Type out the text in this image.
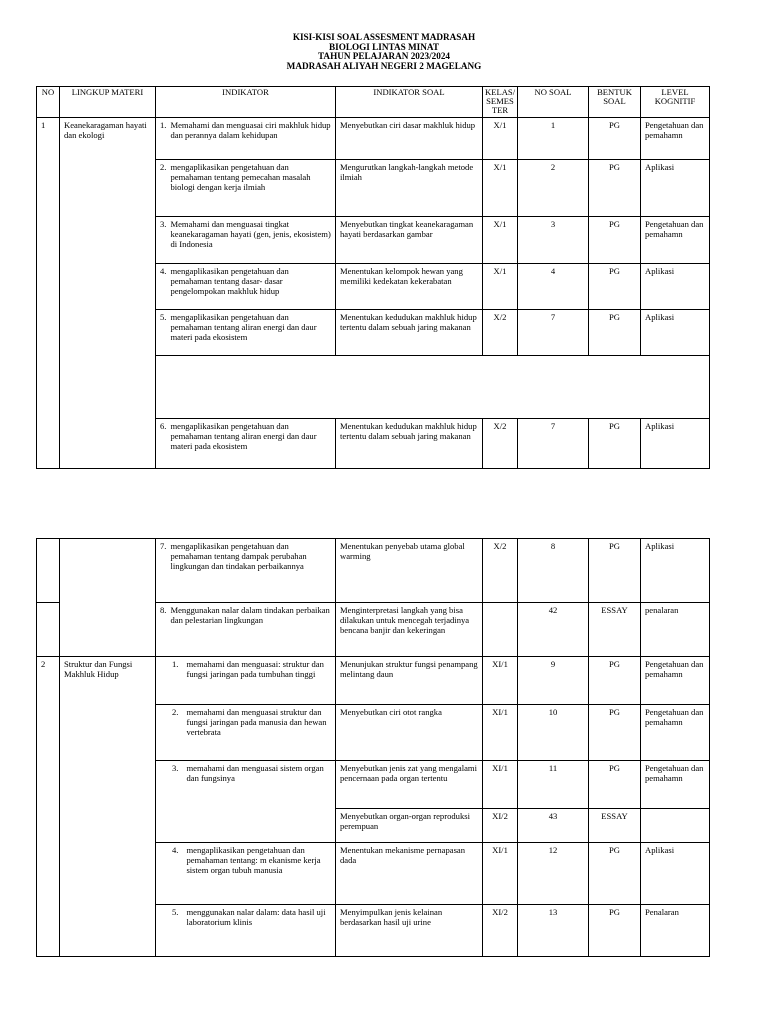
KISI-KISI SOAL ASSESMENT MADRASAH
BIOLOGI LINTAS MINAT
TAHUN PELAJARAN 2023/2024
MADRASAH ALIYAH NEGERI 2 MAGELANG
NO	LINGKUP MATERI	INDIKATOR	INDIKATOR SOAL	KELAS/ SEMES TER	NO SOAL	BENTUK SOAL	LEVEL KOGNITIF
1	Keanekaragaman hayati dan ekologi	1. Memahami dan menguasai ciri makhluk hidup dan perannya dalam kehidupan	Menyebutkan ciri dasar makhluk hidup	X/1	1	PG	Pengetahuan dan pemahamn

		2. mengaplikasikan pengetahuan dan pemahaman tentang pemecahan masalah biologi dengan kerja ilmiah	Mengurutkan langkah-langkah metode ilmiah	X/1	2	PG	Aplikasi

		3. Memahami dan menguasai tingkat keanekaragaman hayati (gen, jenis, ekosistem) di Indonesia	Menyebutkan tingkat keanekaragaman hayati berdasarkan gambar	X/1	3	PG	Pengetahuan dan pemahamn

		4. mengaplikasikan pengetahuan dan pemahaman tentang dasar- dasar pengelompokan makhluk hidup	Menentukan kelompok hewan yang memiliki kedekatan kekerabatan	X/1	4	PG	Aplikasi

		5. mengaplikasikan pengetahuan dan pemahaman tentang aliran energi dan daur materi pada ekosistem	Menentukan kedudukan makhluk hidup tertentu dalam sebuah jaring makanan	X/2	7	PG	Aplikasi

		6. mengaplikasikan pengetahuan dan pemahaman tentang aliran energi dan daur materi pada ekosistem	Menentukan kedudukan makhluk hidup tertentu dalam sebuah jaring makanan	X/2	7	PG	Aplikasi

		7. mengaplikasikan pengetahuan dan pemahaman tentang dampak perubahan lingkungan dan tindakan perbaikannya	Menentukan penyebab utama global warming	X/2	8	PG	Aplikasi

		8. Menggunakan nalar dalam tindakan perbaikan dan pelestarian lingkungan	Menginterpretasi langkah yang bisa dilakukan untuk mencegah terjadinya bencana banjir dan kekeringan		42	ESSAY	penalaran
2	Struktur dan Fungsi Makhluk Hidup	1. memahami dan menguasai: struktur dan fungsi jaringan pada tumbuhan tinggi	Menunjukan struktur fungsi penampang melintang daun	XI/1	9	PG	Pengetahuan dan pemahamn

		2. memahami dan menguasai struktur dan fungsi jaringan pada manusia dan hewan vertebrata	Menyebutkan ciri otot rangka	XI/1	10	PG	Pengetahuan dan pemahamn

		3. memahami dan menguasai sistem organ dan fungsinya	Menyebutkan jenis zat yang mengalami pencernaan pada organ tertentu	XI/1	11	PG	Pengetahuan dan pemahamn
			Menyebutkan organ-organ reproduksi perempuan	XI/2	43	ESSAY	

		4. mengaplikasikan pengetahuan dan pemahaman tentang: m ekanisme kerja sistem organ tubuh manusia	Menentukan mekanisme pernapasan dada	XI/1	12	PG	Aplikasi

		5. menggunakan nalar dalam: data hasil uji laboratorium klinis	Menyimpulkan jenis kelainan berdasarkan hasil uji urine	XI/2	13	PG	Penalaran
